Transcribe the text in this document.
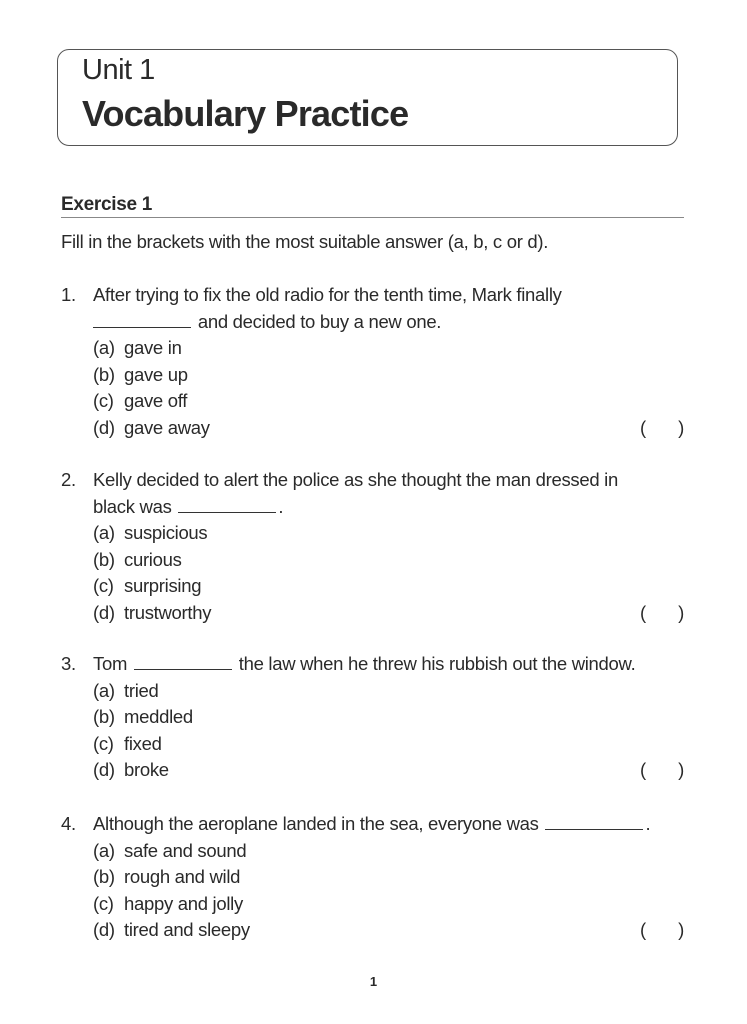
Unit 1
Vocabulary Practice
Exercise 1
Fill in the brackets with the most suitable answer (a, b, c or d).
1. After trying to fix the old radio for the tenth time, Mark finally
and decided to buy a new one.
(a) gave in
(b) gave up
(c) gave off
(d) gave away	( )
2. Kelly decided to alert the police as she thought the man dressed in
black was	.
(a) suspicious
(b) curious
(c) surprising
(d) trustworthy	( )
3. Tom	the law when he threw his rubbish out the window.
(a) tried
(b) meddled
(c) fixed
(d) broke	( )
4. Although the aeroplane landed in the sea, everyone was	.
(a) safe and sound
(b) rough and wild
(c) happy and jolly
(d) tired and sleepy	( )
1
